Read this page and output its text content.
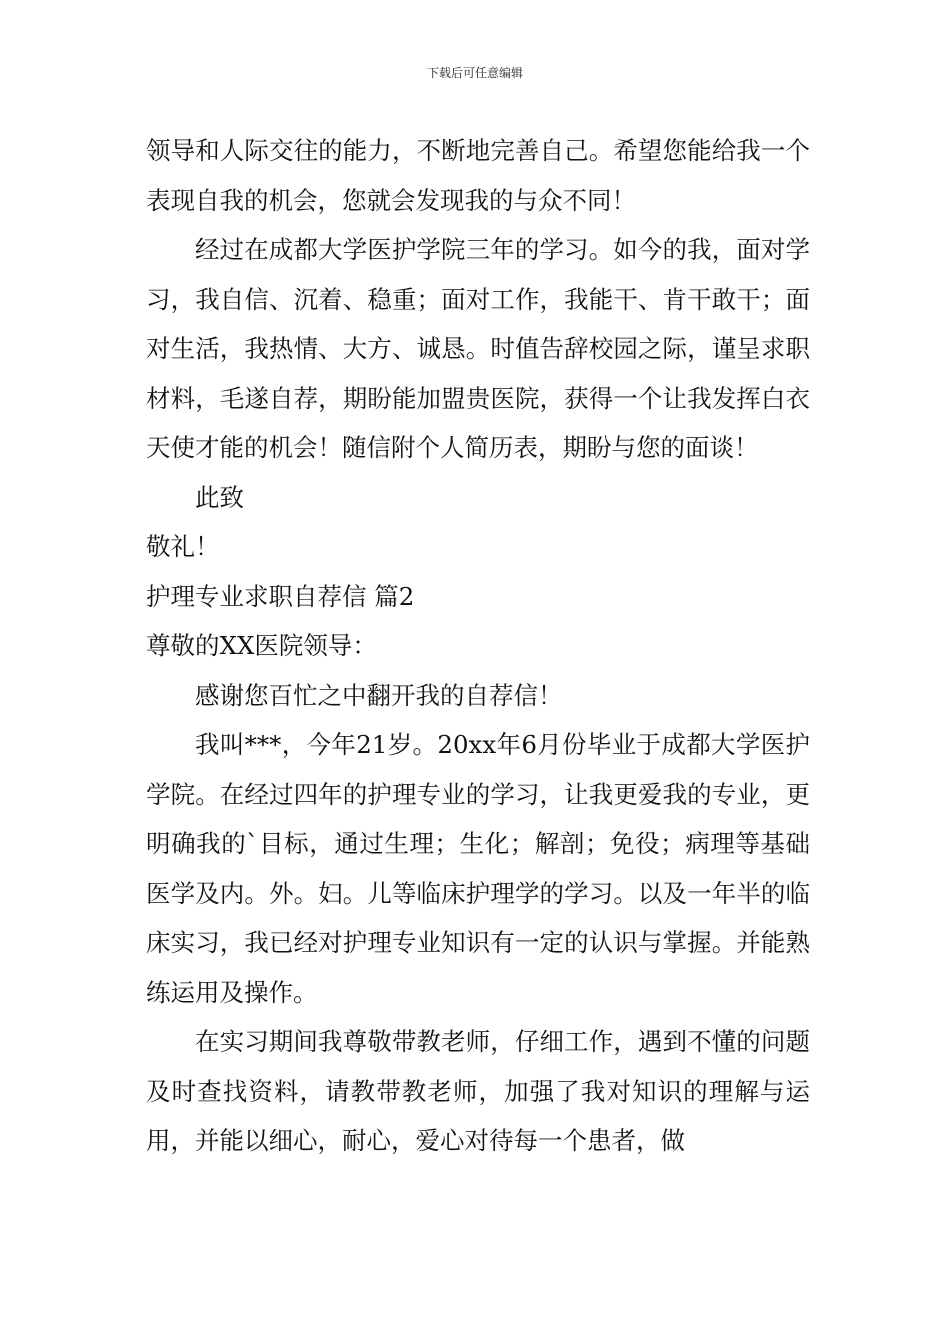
下载后可任意编辑

领导和人际交往的能力，不断地完善自己。希望您能给我一个表现自我的机会，您就会发现我的与众不同！

经过在成都大学医护学院三年的学习。如今的我，面对学习，我自信、沉着、稳重；面对工作，我能干、肯干敢干；面对生活，我热情、大方、诚恳。时值告辞校园之际，谨呈求职材料，毛遂自荐，期盼能加盟贵医院，获得一个让我发挥白衣天使才能的机会！随信附个人简历表，期盼与您的面谈！

此致

敬礼！

护理专业求职自荐信 篇2

尊敬的XX医院领导：

感谢您百忙之中翻开我的自荐信！

我叫***，今年21岁。20xx年6月份毕业于成都大学医护学院。在经过四年的护理专业的学习，让我更爱我的专业，更明确我的`目标，通过生理；生化；解剖；免役；病理等基础医学及内。外。妇。儿等临床护理学的学习。以及一年半的临床实习，我已经对护理专业知识有一定的认识与掌握。并能熟练运用及操作。

在实习期间我尊敬带教老师，仔细工作，遇到不懂的问题及时查找资料，请教带教老师，加强了我对知识的理解与运用，并能以细心，耐心，爱心对待每一个患者，做
